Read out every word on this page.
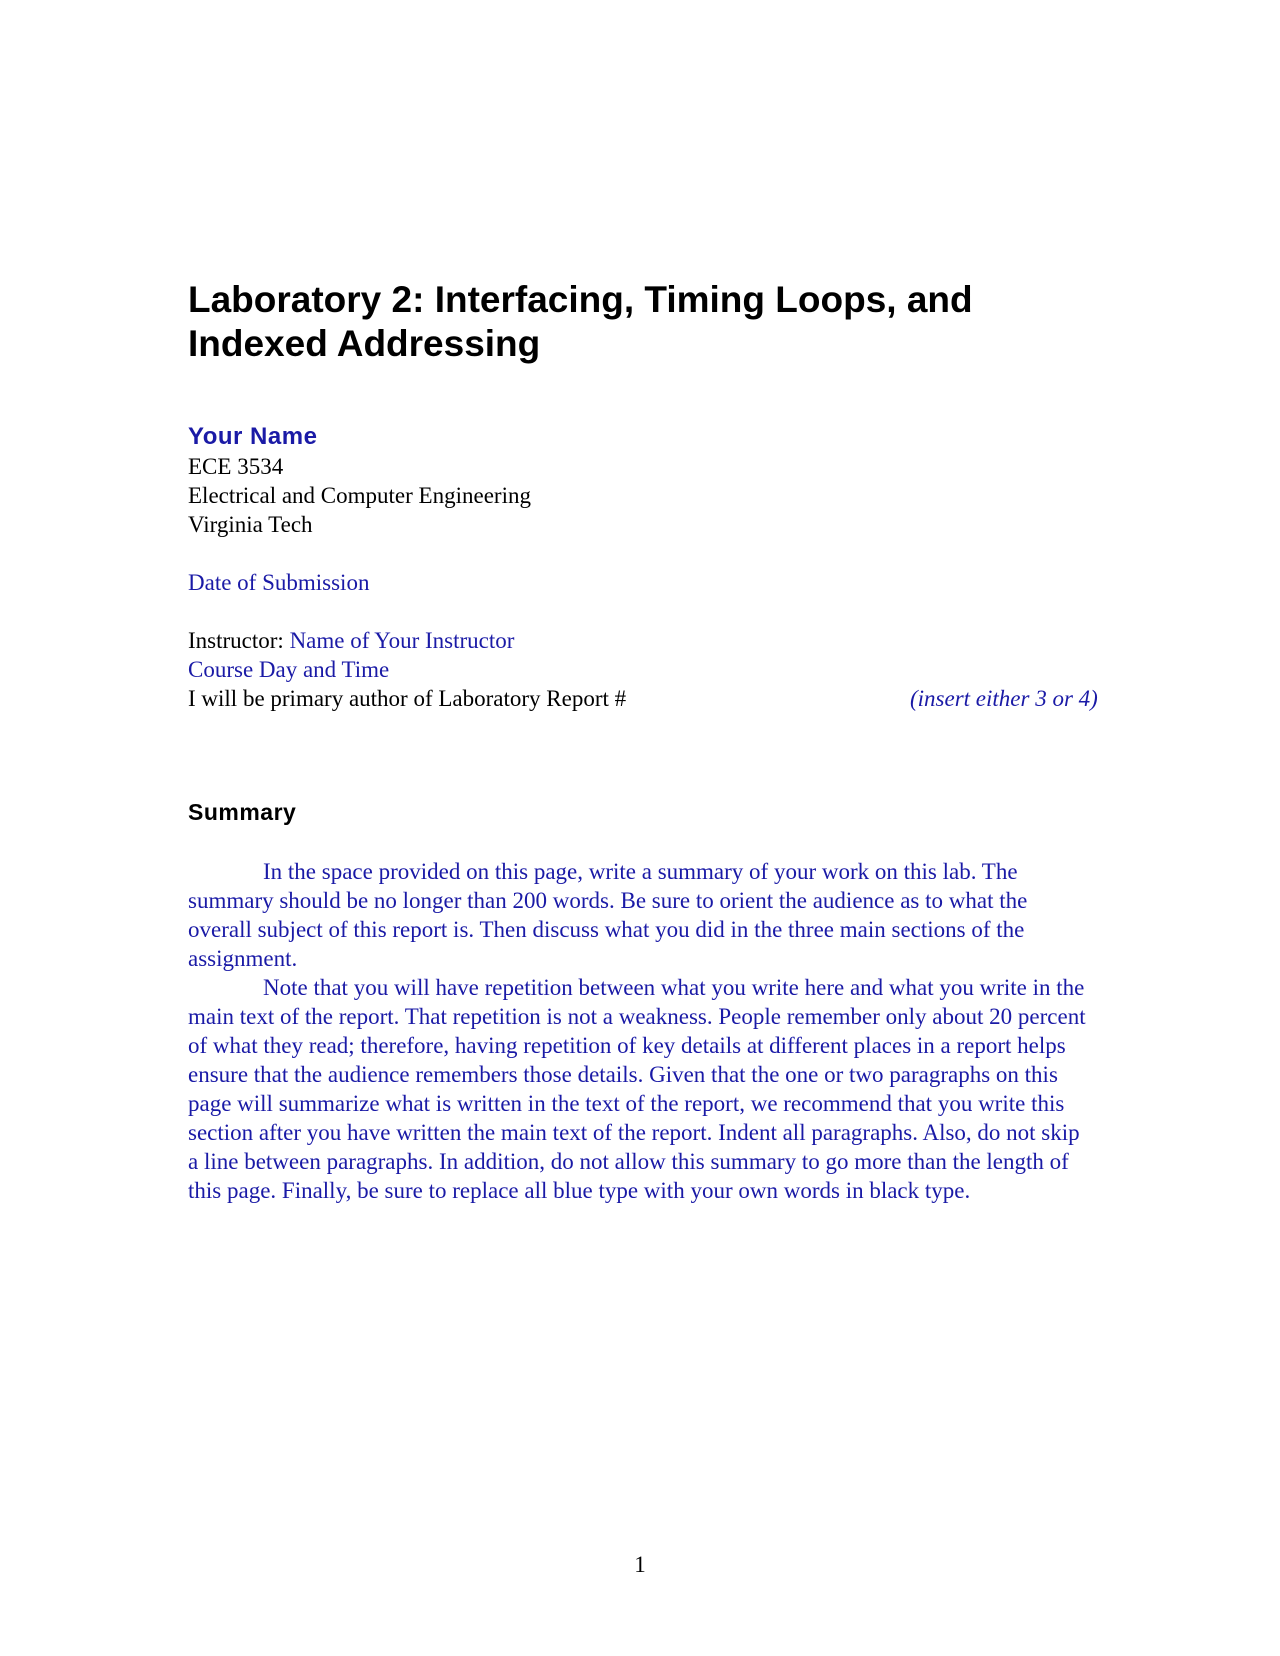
Laboratory 2: Interfacing, Timing Loops, and
Indexed Addressing
Your Name
ECE 3534
Electrical and Computer Engineering
Virginia Tech
Date of Submission
Instructor: Name of Your Instructor
Course Day and Time
I will be primary author of Laboratory Report #	(insert either 3 or 4)
Summary

In the space provided on this page, write a summary of your work on this lab. The summary should be no longer than 200 words. Be sure to orient the audience as to what the overall subject of this report is. Then discuss what you did in the three main sections of the assignment.

Note that you will have repetition between what you write here and what you write in the main text of the report. That repetition is not a weakness. People remember only about 20 percent of what they read; therefore, having repetition of key details at different places in a report helps ensure that the audience remembers those details. Given that the one or two paragraphs on this page will summarize what is written in the text of the report, we recommend that you write this section after you have written the main text of the report. Indent all paragraphs. Also, do not skip a line between paragraphs. In addition, do not allow this summary to go more than the length of this page. Finally, be sure to replace all blue type with your own words in black type.

1
